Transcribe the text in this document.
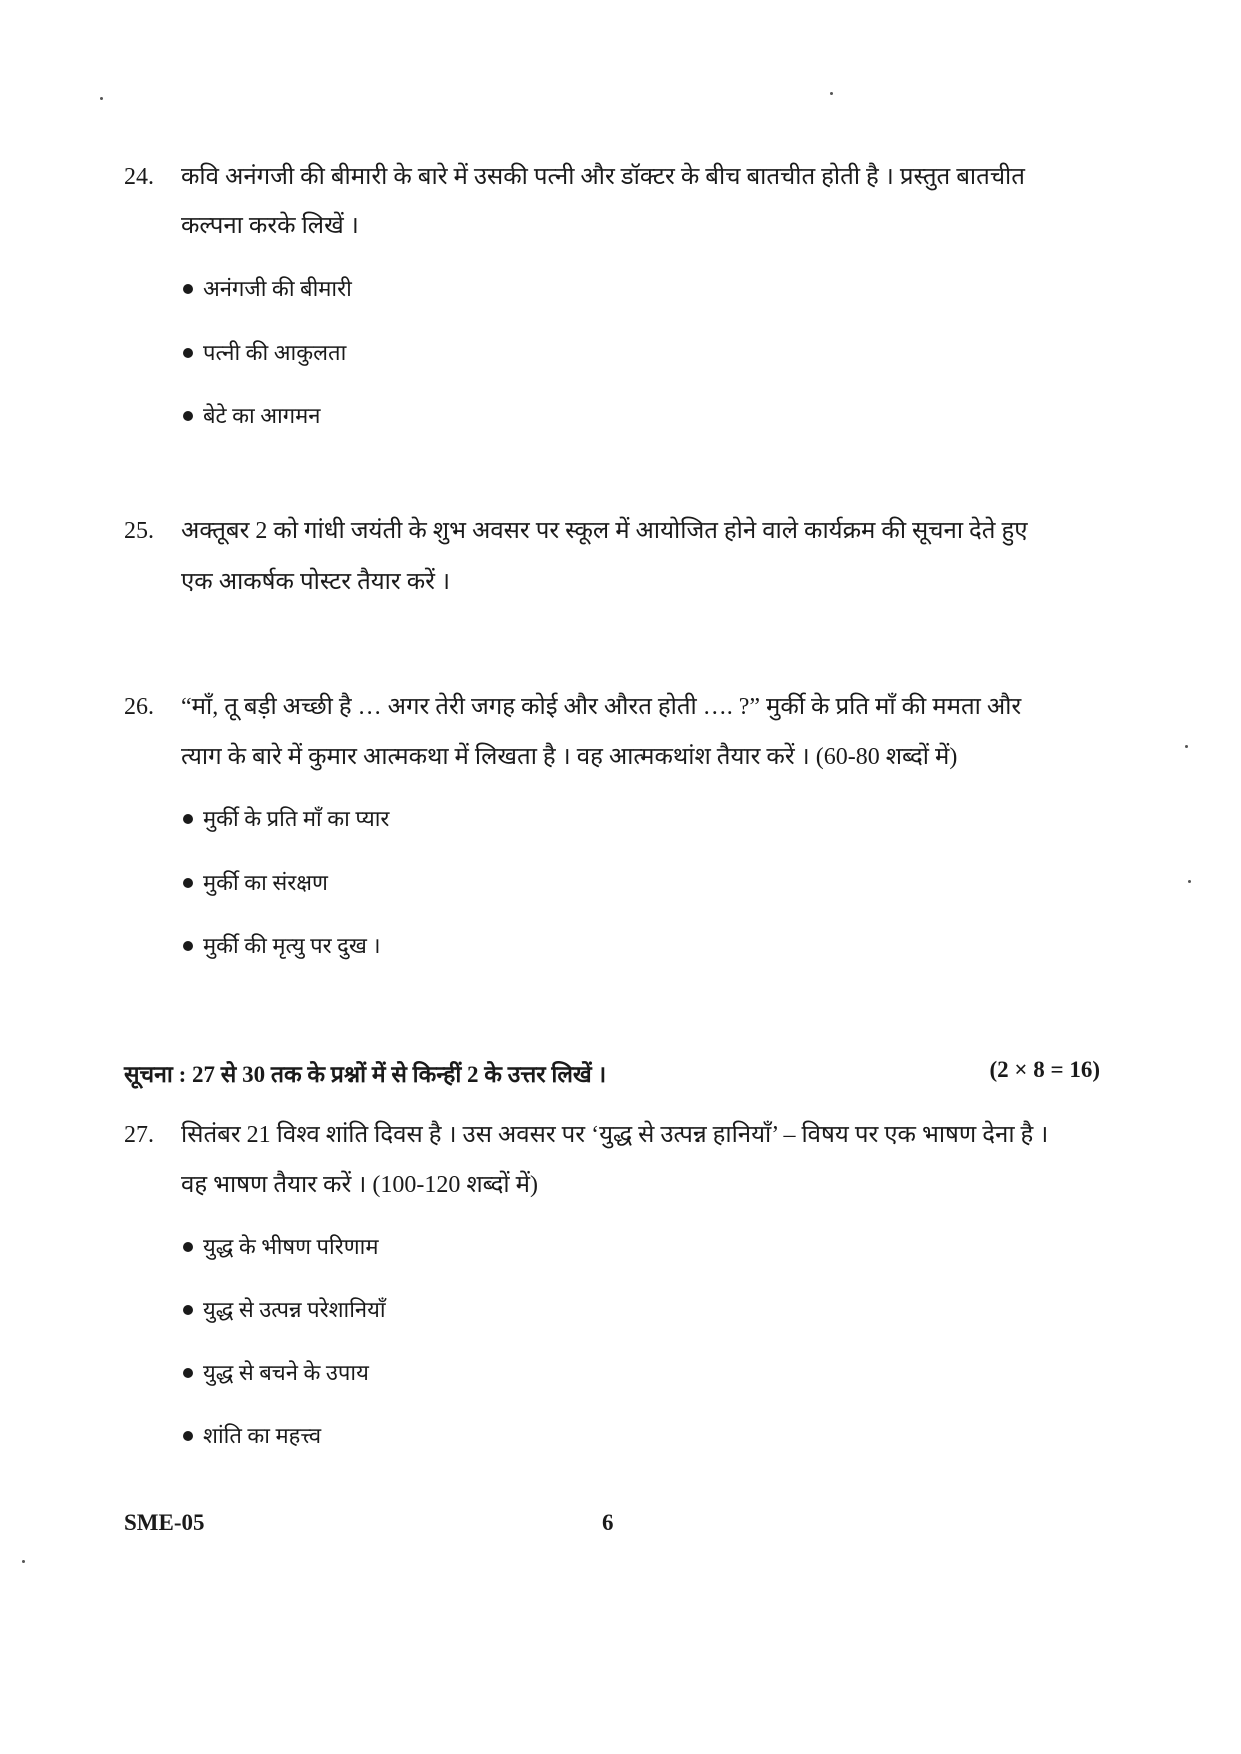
24. कवि अनंगजी की बीमारी के बारे में उसकी पत्नी और डॉक्टर के बीच बातचीत होती है । प्रस्तुत बातचीत
कल्पना करके लिखें ।
अनंगजी की बीमारी
पत्नी की आकुलता
बेटे का आगमन
25. अक्तूबर 2 को गांधी जयंती के शुभ अवसर पर स्कूल में आयोजित होने वाले कार्यक्रम की सूचना देते हुए
एक आकर्षक पोस्टर तैयार करें ।
26. “माँ, तू बड़ी अच्छी है … अगर तेरी जगह कोई और औरत होती …. ?” मुर्की के प्रति माँ की ममता और
त्याग के बारे में कुमार आत्मकथा में लिखता है । वह आत्मकथांश तैयार करें । (60-80 शब्दों में)
मुर्की के प्रति माँ का प्यार
मुर्की का संरक्षण
मुर्की की मृत्यु पर दुख ।
सूचना : 27 से 30 तक के प्रश्नों में से किन्हीं 2 के उत्तर लिखें ।	(2 × 8 = 16)
27. सितंबर 21 विश्व शांति दिवस है । उस अवसर पर ‘युद्ध से उत्पन्न हानियाँ’ – विषय पर एक भाषण देना है ।
वह भाषण तैयार करें । (100-120 शब्दों में)
युद्ध के भीषण परिणाम
युद्ध से उत्पन्न परेशानियाँ
युद्ध से बचने के उपाय
शांति का महत्त्व
SME-05	6
